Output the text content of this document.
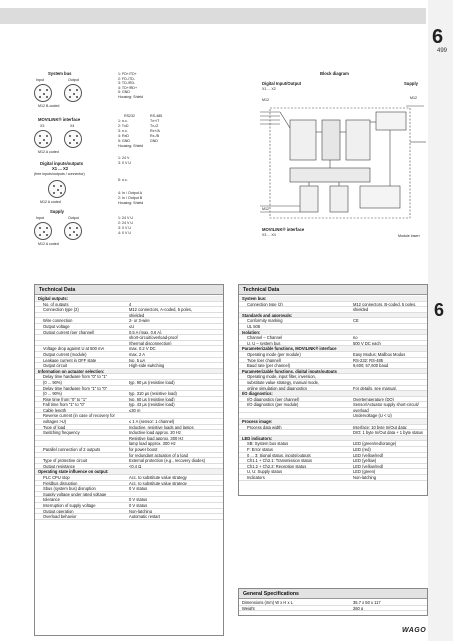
6
499
6
System bus
Input	Output
M12 B-coded
1: FD+/TD+
2: FD-/TD-
3: TD-/RD-
4: TD+/RD+
5: GND
Housing: Shield
MOVILINK® interface
X3	X4
M12 A coded
RS232	RS-485
1: n.c.	Tx+/T
2: TxD	Tx-/Z
3: n.c.	Rx+/A
4: RxD	Rx-/B
5: GND	GND
Housing: Shield
Digital inputs/outputs
X1 ... X2
(free inputs/outputs / connector)
M12 A coded
1: 24 V
3: 0 V U
5: n.c.
4: In / Output A
2: In / Output B
Housing: Shield
Supply
Input	Output
M12 A coded
1: 24 V U
2: 24 V U
3: 0 V U
4: 0 V U
Block diagram
Digital Input/Output
X1 ... X2
Supply
M12
M12
M12
MOVILINK® interface
X3 ... X4	Module insert
Technical Data
Digital outputs:
No. of outputs	4
Connection type (2)	M12 connectors, A-coded, 5 poles,
shielded
Wire connection	2- or 3-wire
Output voltage	≤U
Output current (per channel)	0.5 A (max. 0.6 A),
short-circuit/overload-proof
(thermal disconnection)
Voltage drop against U at 500 mA	max. 0.2 V DC
Output current (module)	max. 2 A
Leakage current in OFF state	typ. 5 µA
Output circuit	High-side switching
Information on actuator selection:
Delay time hardware from "0" to "1"
(0 ... 90%)	typ. 90 µs (resistive load)
Delay time hardware from "1" to "0"
(0 ... 90%)	typ. 310 µs (resistive load)
Rise time from "0" to "1"	typ. 60 µs (resistive load)
Fall time from "1" to "0"	typ. 43 µs (resistive load)
Cable length	≤30 m
Reverse current (in case of recovery for
voltages >U)	≤ 1 A (sensor: 1 channel)
Type of load	Inductive, resistive loads and lamps
Switching frequency	Inductive load approx. 20 Hz
Resistive load approx. 300 Hz
lamp load approx. 300 Hz
Parallel connection of 2 outputs	for power boost
for redundant actuation of a load
Type of protective circuit	External protection (e.g., recovery diodes)
Output resistance	<0.4 Ω
Operating state influence on output:
PLC CPU stop	Acc. to substitute value strategy
Fieldbus disruption	Acc. to substitute value strategy
Sbus (system bus) disruption	0 V status
Supply voltage under rated voltage
tolerance	0 V status
Interruption of supply voltage	0 V status
Output operation	Non-latching
Overload behavior	Automatic restart
Technical Data
System bus:
Connection type (2)	M12 connectors, B-coded, 5 poles,
shielded
Standards and approvals:
Conformity marking	CE
UL 508
Isolation:
Channel – Channel	no
U, U – system bus	500 V DC each
Parameterizable functions, MOVILINK® interface
Operating mode (per module)	Easy Modus; Mailbox Modus
Type (per channel)	RS-232; RS-485
Baud rate (per channel)	9,600; 57,600 baud
Parameterizable functions, digital inputs/outputs
Operating mode, input filter, inversion,
substitute value strategy, manual mode,
online simulation and diagnostics	For details, see manual.
I/O diagnostics:
I/O diagnostics (per channel)	Overtemperature (DO)
I/O diagnostics (per module)	Sensor/Actuator supply short-circuit/
overload
Undervoltage (U < U)
Process image:
Process data width	Interface: 10 byte In/Out data;
DIO: 1 byte In/Out data + 1 byte status
LED indicators:
SB: System bus status	LED (green/red/orange)
F: Error status	LED (red)
0 ... 3: Signal status, inputs/outputs	LED (yellow/red)
Ch1.1 + Ch2.1: Transmission status	LED (yellow)
Ch1.2 + Ch2.2: Reception status	LED (yellow/red)
U, U: Supply status	LED (green)
Indicators	Non-latching
General Specifications
Dimensions (mm) W x H x L	35.7 x 50 x 117
Weight	260 g
WAGO
